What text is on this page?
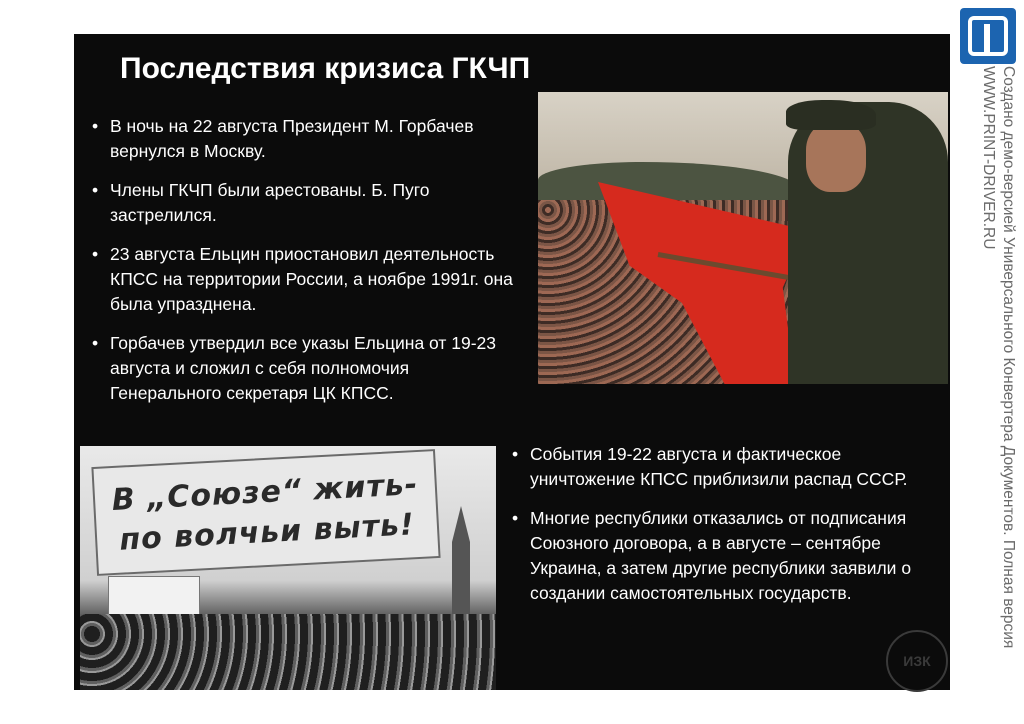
Последствия кризиса ГКЧП
• В ночь на 22 августа Президент М. Горбачев вернулся в Москву.
• Члены ГКЧП были арестованы. Б. Пуго застрелился.
• 23 августа Ельцин приостановил деятельность КПСС на территории России, а ноябре 1991г. она была упразднена.
• Горбачев утвердил все указы Ельцина от 19-23 августа и сложил с себя полномочия Генерального секретаря ЦК КПСС.
В „Союзе“ жить-
по волчьи выть!
• События 19-22 августа и фактическое уничтожение КПСС приблизили распад СССР.
• Многие республики отказались от подписания Союзного договора, а в августе – сентябре Украина, а затем другие республики заявили о создании самостоятельных государств.
ИЗК
Создано демо-версией Универсального Конвертера Документов. Полная версия
WWW.PRINT-DRIVER.RU
